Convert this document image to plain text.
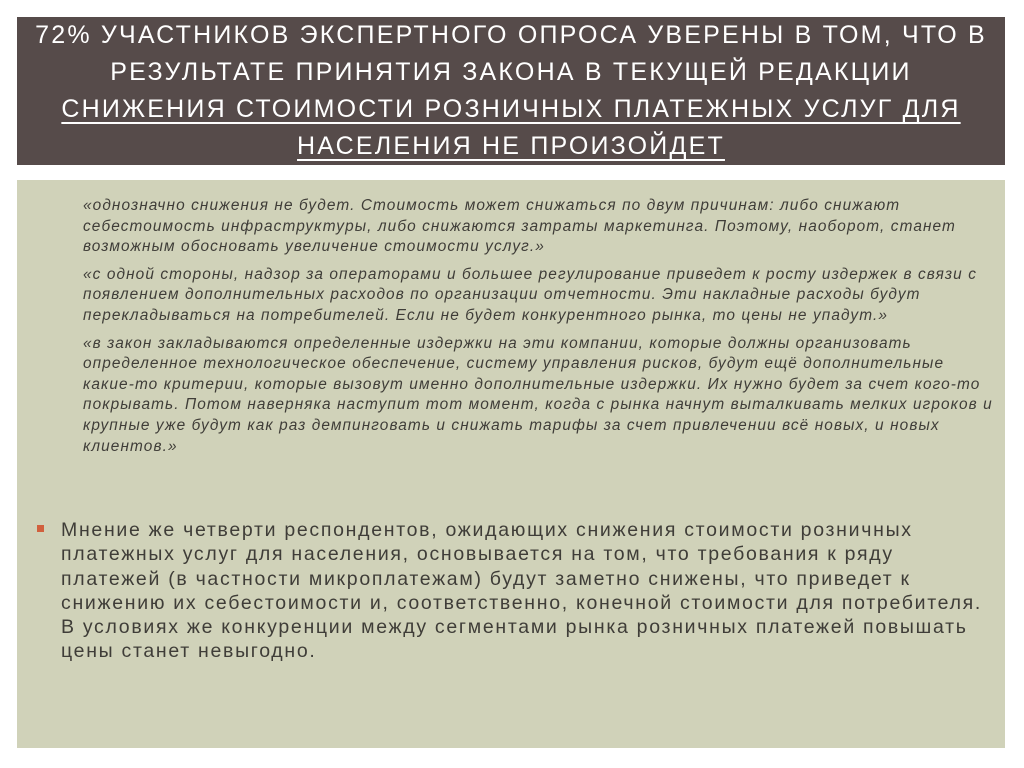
72% УЧАСТНИКОВ ЭКСПЕРТНОГО ОПРОСА УВЕРЕНЫ В ТОМ, ЧТО В РЕЗУЛЬТАТЕ ПРИНЯТИЯ ЗАКОНА В ТЕКУЩЕЙ РЕДАКЦИИ СНИЖЕНИЯ СТОИМОСТИ РОЗНИЧНЫХ ПЛАТЕЖНЫХ УСЛУГ ДЛЯ НАСЕЛЕНИЯ НЕ ПРОИЗОЙДЕТ

«однозначно снижения не будет. Стоимость может снижаться по двум причинам: либо снижают себестоимость инфраструктуры, либо снижаются затраты маркетинга. Поэтому, наоборот, станет возможным обосновать увеличение стоимости услуг.»

«с одной стороны, надзор за операторами и большее регулирование приведет к росту издержек в связи с появлением дополнительных расходов по организации отчетности. Эти накладные расходы будут перекладываться на потребителей. Если не будет конкурентного рынка, то цены не упадут.»

«в закон закладываются определенные издержки на эти компании, которые должны организовать определенное технологическое обеспечение, систему управления рисков, будут ещё дополнительные какие-то критерии, которые вызовут именно дополнительные издержки. Их нужно будет за счет кого-то покрывать. Потом наверняка наступит тот момент, когда с рынка начнут выталкивать мелких игроков и крупные уже будут как раз демпинговать и снижать тарифы за счет привлечении всё новых, и новых клиентов.»

Мнение же четверти респондентов, ожидающих снижения стоимости розничных платежных услуг для населения, основывается на том, что требования к ряду платежей (в частности микроплатежам) будут заметно снижены, что приведет к снижению их себестоимости и, соответственно, конечной стоимости для потребителя. В условиях же конкуренции между сегментами рынка розничных платежей повышать цены станет невыгодно.
